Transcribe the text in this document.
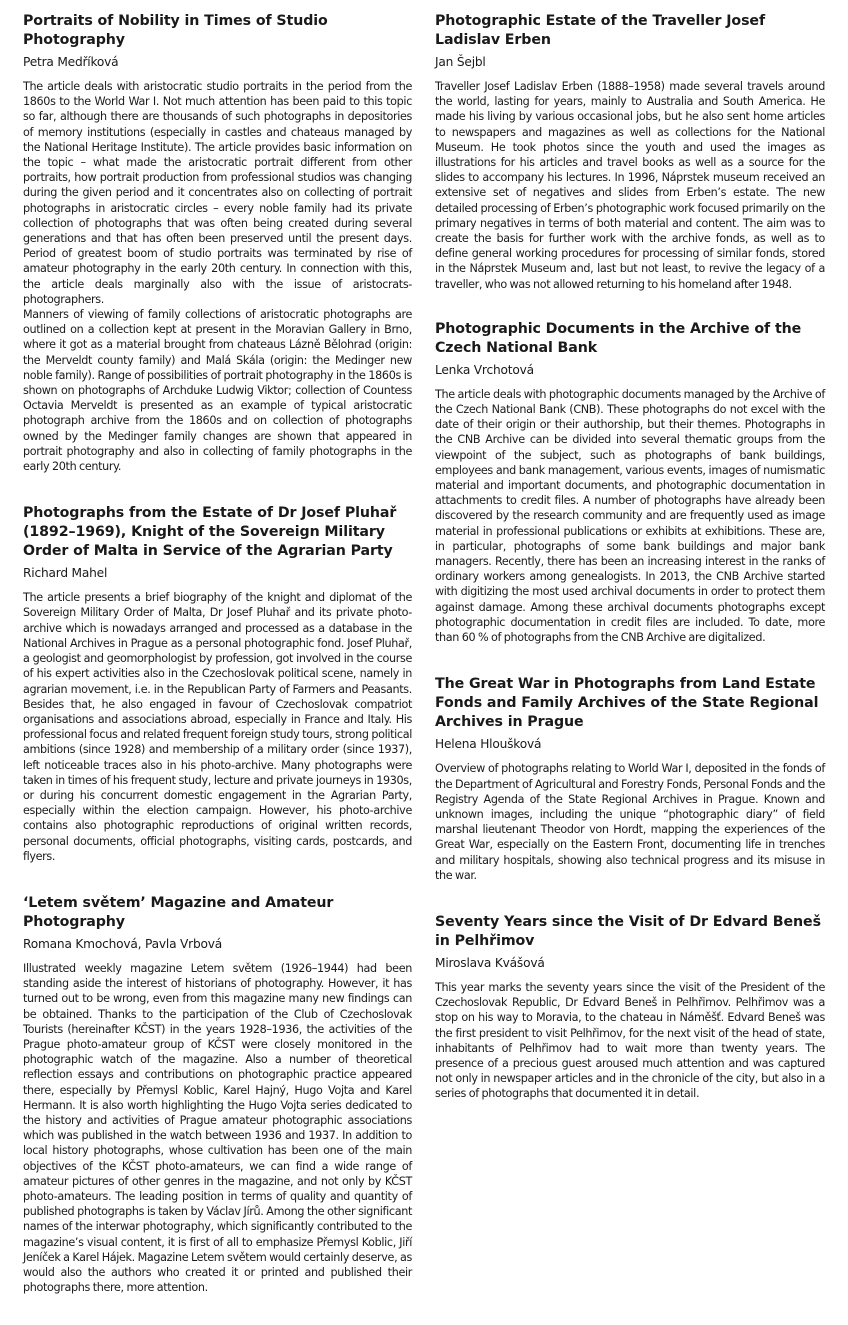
Portraits of Nobility in Times of Studio Photography
Petra Medříková

The article deals with aristocratic studio portraits in the period from the 1860s to the World War I. Not much attention has been paid to this topic so far, although there are thousands of such photographs in depositories of memory institutions (especially in castles and chateaus managed by the National Heritage Institute). The article provides basic information on the topic – what made the aristocratic portrait different from other portraits, how portrait production from professional studios was changing during the given period and it concentrates also on collecting of portrait photographs in aristocratic circles – every noble family had its private collection of photographs that was often being created during several generations and that has often been preserved until the present days. Period of greatest boom of studio portraits was terminated by rise of amateur photography in the early 20th century. In connection with this, the article deals marginally also with the issue of aristocrats-photographers.

Manners of viewing of family collections of aristocratic photographs are outlined on a collection kept at present in the Moravian Gallery in Brno, where it got as a material brought from chateaus Lázně Bělohrad (origin: the Merveldt county family) and Malá Skála (origin: the Medinger new noble family). Range of possibilities of portrait photography in the 1860s is shown on photographs of Archduke Ludwig Viktor; collection of Countess Octavia Merveldt is presented as an example of typical aristocratic photograph archive from the 1860s and on collection of photographs owned by the Medinger family changes are shown that appeared in portrait photography and also in collecting of family photographs in the early 20th century.

Photographs from the Estate of Dr Josef Pluhař (1892–1969), Knight of the Sovereign Military Order of Malta in Service of the Agrarian Party
Richard Mahel

The article presents a brief biography of the knight and diplomat of the Sovereign Military Order of Malta, Dr Josef Pluhař and its private photo-archive which is nowadays arranged and processed as a database in the National Archives in Prague as a personal photographic fond. Josef Pluhař, a geologist and geomorphologist by profession, got involved in the course of his expert activities also in the Czechoslovak political scene, namely in agrarian movement, i.e. in the Republican Party of Farmers and Peasants. Besides that, he also engaged in favour of Czechoslovak compatriot organisations and associations abroad, especially in France and Italy. His professional focus and related frequent foreign study tours, strong political ambitions (since 1928) and membership of a military order (since 1937), left noticeable traces also in his photo-archive. Many photographs were taken in times of his frequent study, lecture and private journeys in 1930s, or during his concurrent domestic engagement in the Agrarian Party, especially within the election campaign. However, his photo-archive contains also photographic reproductions of original written records, personal documents, official photographs, visiting cards, postcards, and flyers.

‘Letem světem’ Magazine and Amateur Photography
Romana Kmochová, Pavla Vrbová

Illustrated weekly magazine Letem světem (1926–1944) had been standing aside the interest of historians of photography. However, it has turned out to be wrong, even from this magazine many new findings can be obtained. Thanks to the participation of the Club of Czechoslovak Tourists (hereinafter KČST) in the years 1928–1936, the activities of the Prague photo-amateur group of KČST were closely monitored in the photographic watch of the magazine. Also a number of theoretical reflection essays and contributions on photographic practice appeared there, especially by Přemysl Koblic, Karel Hajný, Hugo Vojta and Karel Hermann. It is also worth highlighting the Hugo Vojta series dedicated to the history and activities of Prague amateur photographic associations which was published in the watch between 1936 and 1937. In addition to local history photographs, whose cultivation has been one of the main objectives of the KČST photo-amateurs, we can find a wide range of amateur pictures of other genres in the magazine, and not only by KČST photo-amateurs. The leading position in terms of quality and quantity of published photographs is taken by Václav Jírů. Among the other significant names of the interwar photography, which significantly contributed to the magazine’s visual content, it is first of all to emphasize Přemysl Koblic, Jiří Jeníček a Karel Hájek. Magazine Letem světem would certainly deserve, as would also the authors who created it or printed and published their photographs there, more attention.

Photographic Estate of the Traveller Josef Ladislav Erben
Jan Šejbl

Traveller Josef Ladislav Erben (1888–1958) made several travels around the world, lasting for years, mainly to Australia and South America. He made his living by various occasional jobs, but he also sent home articles to newspapers and magazines as well as collections for the National Museum. He took photos since the youth and used the images as illustrations for his articles and travel books as well as a source for the slides to accompany his lectures. In 1996, Náprstek museum received an extensive set of negatives and slides from Erben’s estate. The new detailed processing of Erben’s photographic work focused primarily on the primary negatives in terms of both material and content. The aim was to create the basis for further work with the archive fonds, as well as to define general working procedures for processing of similar fonds, stored in the Náprstek Museum and, last but not least, to revive the legacy of a traveller, who was not allowed returning to his homeland after 1948.

Photographic Documents in the Archive of the Czech National Bank
Lenka Vrchotová

The article deals with photographic documents managed by the Archive of the Czech National Bank (CNB). These photographs do not excel with the date of their origin or their authorship, but their themes. Photographs in the CNB Archive can be divided into several thematic groups from the viewpoint of the subject, such as photographs of bank buildings, employees and bank management, various events, images of numismatic material and important documents, and photographic documentation in attachments to credit files. A number of photographs have already been discovered by the research community and are frequently used as image material in professional publications or exhibits at exhibitions. These are, in particular, photographs of some bank buildings and major bank managers. Recently, there has been an increasing interest in the ranks of ordinary workers among genealogists. In 2013, the CNB Archive started with digitizing the most used archival documents in order to protect them against damage. Among these archival documents photographs except photographic documentation in credit files are included. To date, more than 60 % of photographs from the CNB Archive are digitalized.

The Great War in Photographs from Land Estate Fonds and Family Archives of the State Regional Archives in Prague
Helena Hloušková

Overview of photographs relating to World War I, deposited in the fonds of the Department of Agricultural and Forestry Fonds, Personal Fonds and the Registry Agenda of the State Regional Archives in Prague. Known and unknown images, including the unique “photographic diary” of field marshal lieutenant Theodor von Hordt, mapping the experiences of the Great War, especially on the Eastern Front, documenting life in trenches and military hospitals, showing also technical progress and its misuse in the war.

Seventy Years since the Visit of Dr Edvard Beneš in Pelhřimov
Miroslava Kvášová

This year marks the seventy years since the visit of the President of the Czechoslovak Republic, Dr Edvard Beneš in Pelhřimov. Pelhřimov was a stop on his way to Moravia, to the chateau in Náměšť. Edvard Beneš was the first president to visit Pelhřimov, for the next visit of the head of state, inhabitants of Pelhřimov had to wait more than twenty years. The presence of a precious guest aroused much attention and was captured not only in newspaper articles and in the chronicle of the city, but also in a series of photographs that documented it in detail.
